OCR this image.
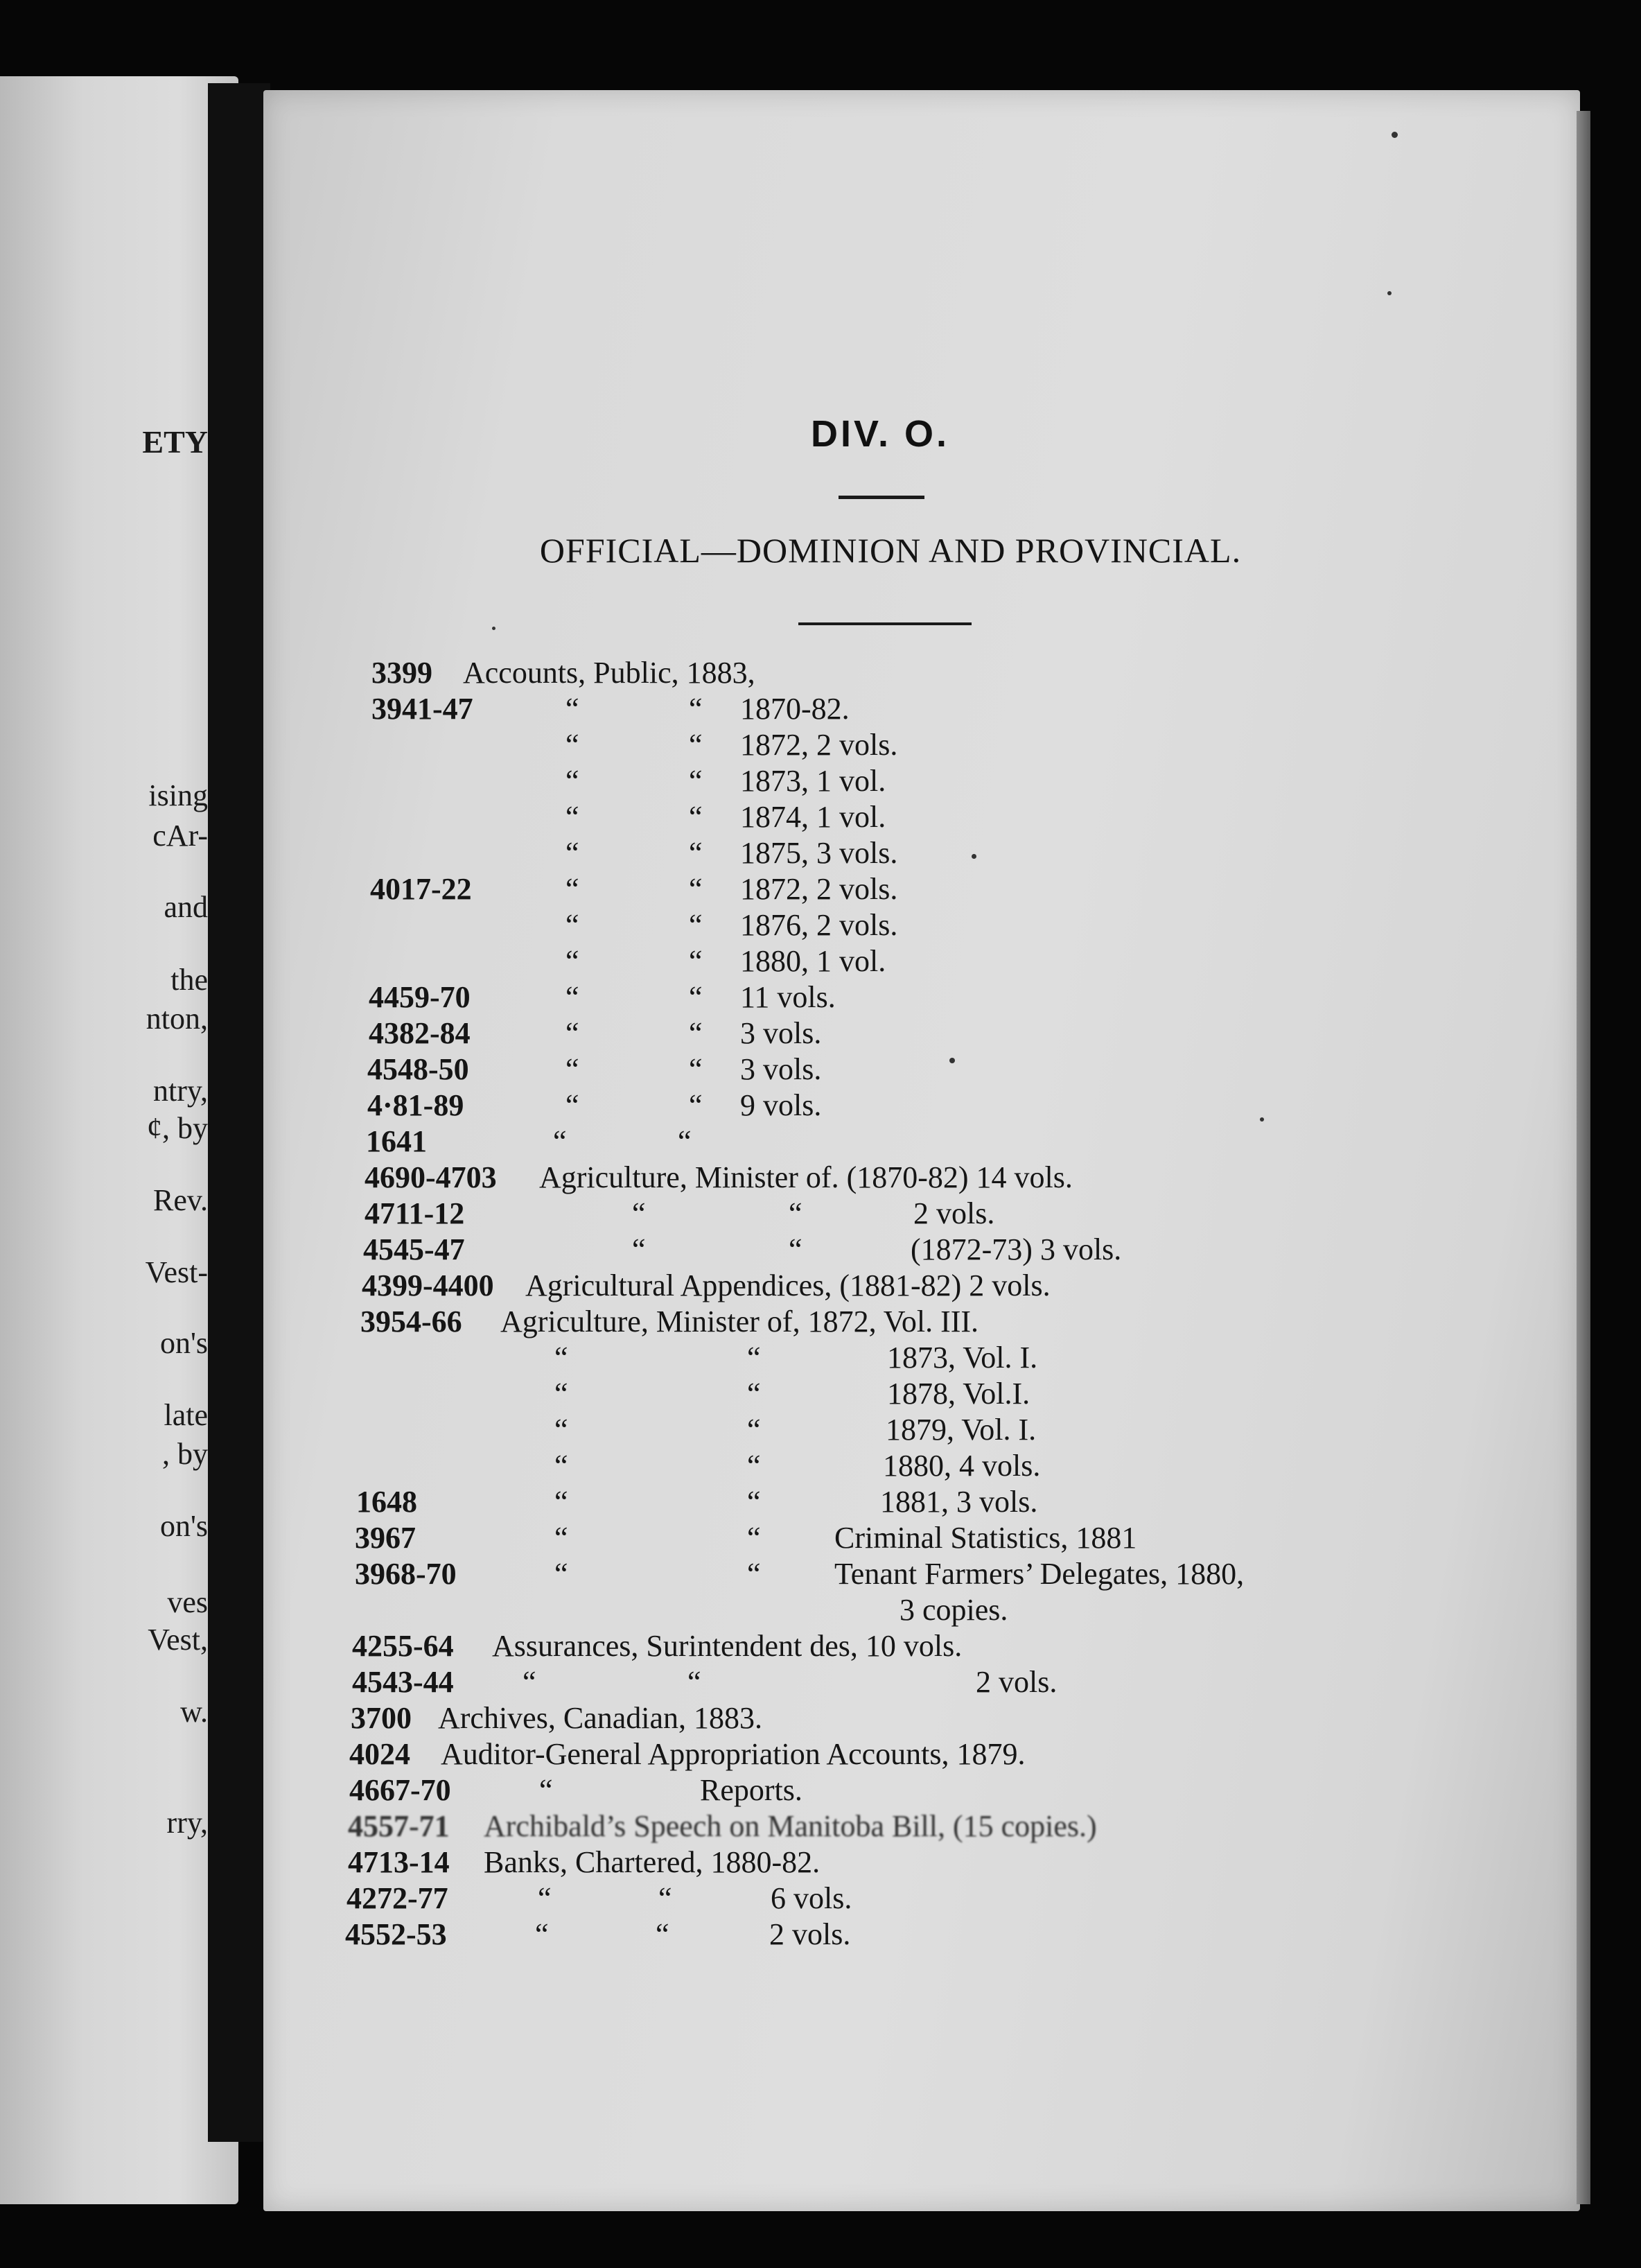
ETY
ising
cAr-
and
the
nton,
ntry,
¢, by
Rev.
Vest-
on's
late
, by
on's
ves
Vest,
w.
rry,
DIV. O.
OFFICIAL—DOMINION AND PROVINCIAL.
3399 Accounts, Public, 1883,
3941-47	“	“ 1870-82.
“	“ 1872, 2 vols.
“	“ 1873, 1 vol.
“	“ 1874, 1 vol.
“	“ 1875, 3 vols.
4017-22	“	“ 1872, 2 vols.
“	“ 1876, 2 vols.
“	“ 1880, 1 vol.
4459-70	“	“ 11 vols.
4382-84	“	“ 3 vols.
4548-50	“	“ 3 vols.
4·81-89	“	“ 9 vols.
1641	“	“
4690-4703 Agriculture, Minister of. (1870-82) 14 vols.
4711-12	“	“	2 vols.
4545-47	“	“	(1872-73) 3 vols.
4399-4400 Agricultural Appendices, (1881-82) 2 vols.
3954-66 Agriculture, Minister of, 1872, Vol. III.
“	“	1873, Vol. I.
“	“	1878, Vol.I.
“	“	1879, Vol. I.
“	“	1880, 4 vols.
1648	“	“	1881, 3 vols.
3967	“	“ Criminal Statistics, 1881
3968-70	“	“ Tenant Farmers’ Delegates, 1880,
3 copies.
4255-64 Assurances, Surintendent des, 10 vols.
4543-44 “	“	2 vols.
3700 Archives, Canadian, 1883.
4024 Auditor-General Appropriation Accounts, 1879.
4667-70	“	Reports.
4557-71 Archibald’s Speech on Manitoba Bill, (15 copies.)
4713-14 Banks, Chartered, 1880-82.
4272-77	“	“	6 vols.
4552-53	“	“	2 vols.
